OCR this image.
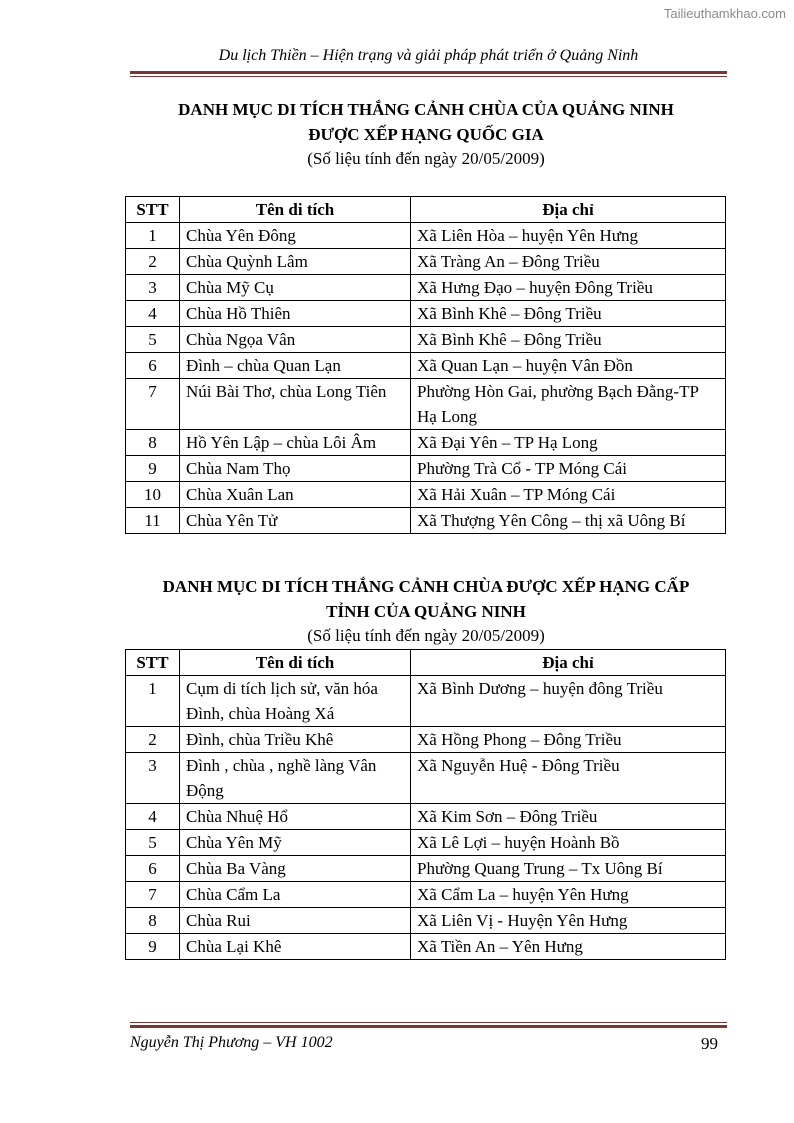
Tailieuthamkhao.com
Du lịch Thiền – Hiện trạng và giải pháp phát triển ở Quảng Ninh
DANH MỤC DI TÍCH THẮNG CẢNH CHÙA CỦA QUẢNG NINH
ĐƯỢC XẾP HẠNG QUỐC GIA
(Số liệu tính đến ngày 20/05/2009)
STT	Tên di tích	Địa chỉ
1	Chùa Yên Đông	Xã Liên Hòa – huyện Yên Hưng
2	Chùa Quỳnh Lâm	Xã Tràng An – Đông Triều
3	Chùa Mỹ Cụ	Xã Hưng Đạo – huyện Đông Triều
4	Chùa Hồ Thiên	Xã Bình Khê – Đông Triều
5	Chùa Ngọa Vân	Xã Bình Khê – Đông Triều
6	Đình – chùa Quan Lạn	Xã Quan Lạn – huyện Vân Đồn
7	Núi Bài Thơ, chùa Long Tiên	Phường Hòn Gai, phường Bạch Đằng-TP Hạ Long
8	Hồ Yên Lập – chùa Lôi Âm	Xã Đại Yên – TP Hạ Long
9	Chùa Nam Thọ	Phường Trà Cổ - TP Móng Cái
10	Chùa Xuân Lan	Xã Hải Xuân – TP Móng Cái
11	Chùa Yên Tử	Xã Thượng Yên Công – thị xã Uông Bí
DANH MỤC DI TÍCH THẮNG CẢNH CHÙA ĐƯỢC XẾP HẠNG CẤP
TỈNH CỦA QUẢNG NINH
(Số liệu tính đến ngày 20/05/2009)
STT	Tên di tích	Địa chỉ
1	Cụm di tích lịch sử, văn hóa Đình, chùa Hoàng Xá	Xã Bình Dương – huyện đông Triều
2	Đình, chùa Triều Khê	Xã Hồng Phong – Đông Triều
3	Đình , chùa , nghề làng Vân Động	Xã Nguyễn Huệ - Đông Triều
4	Chùa Nhuệ Hổ	Xã Kim Sơn – Đông Triều
5	Chùa Yên Mỹ	Xã Lê Lợi – huyện Hoành Bồ
6	Chùa Ba Vàng	Phường Quang Trung – Tx Uông Bí
7	Chùa Cẩm La	Xã Cẩm La – huyện Yên Hưng
8	Chùa Rui	Xã Liên Vị - Huyện Yên Hưng
9	Chùa Lại Khê	Xã Tiền An – Yên Hưng
Nguyễn Thị Phương – VH 1002	99
